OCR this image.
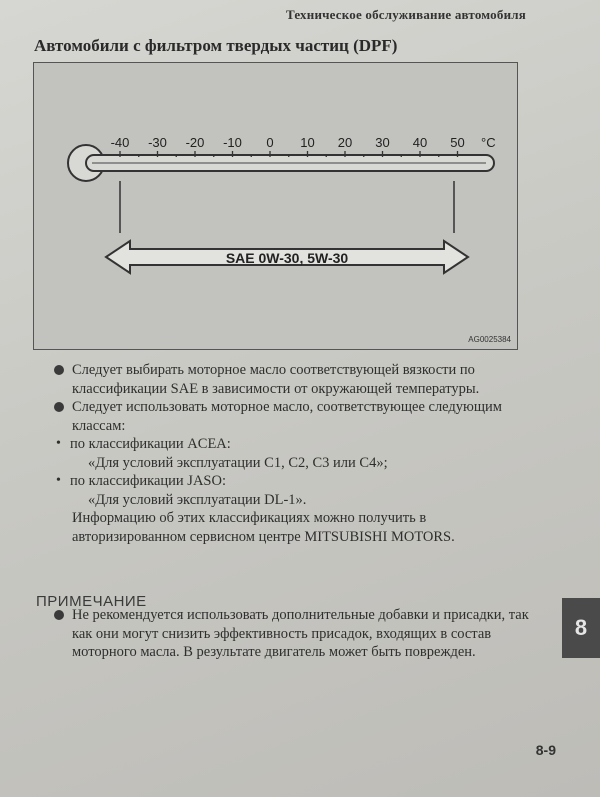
Техническое обслуживание автомобиля
Автомобили с фильтром твердых частиц (DPF)
-40 -30 -20 -10 0 10 20 30 40 50 °C
SAE 0W-30, 5W-30
AG0025384
Следует выбирать моторное масло соответствующей вязкости по классификации SAE в зависимости от окружающей температуры.
Следует использовать моторное масло, соответствующее следующим классам:
• по классификации ACEA:
«Для условий эксплуатации C1, C2, C3 или C4»;
• по классификации JASO:
«Для условий эксплуатации DL-1».
Информацию об этих классификациях можно получить в авторизированном сервисном центре MITSUBISHI MOTORS.
ПРИМЕЧАНИЕ
Не рекомендуется использовать дополнительные добавки и присадки, так как они могут снизить эффективность присадок, входящих в состав моторного масла. В результате двигатель может быть поврежден.
8
8-9
